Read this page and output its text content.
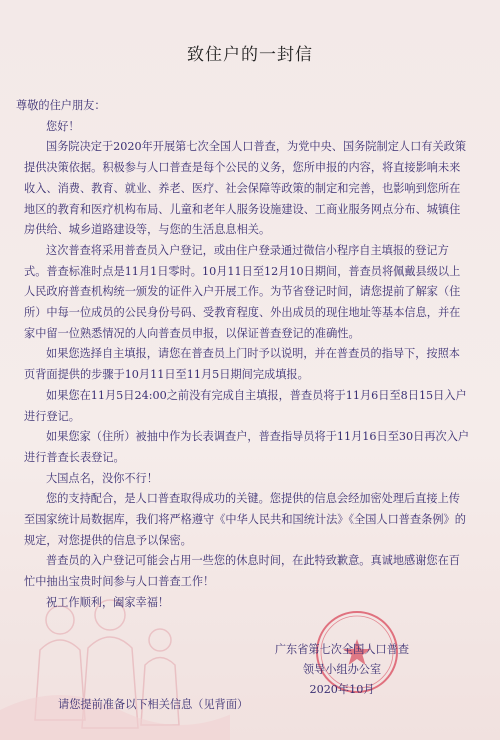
致住户的一封信

尊敬的住户朋友：

您好！

国务院决定于2020年开展第七次全国人口普查，为党中央、国务院制定人口有关政策提供决策依据。积极参与人口普查是每个公民的义务，您所申报的内容，将直接影响未来收入、消费、教育、就业、养老、医疗、社会保障等政策的制定和完善，也影响到您所在地区的教育和医疗机构布局、儿童和老年人服务设施建设、工商业服务网点分布、城镇住房供给、城乡道路建设等，与您的生活息息相关。

这次普查将采用普查员入户登记，或由住户登录通过微信小程序自主填报的登记方式。普查标准时点是11月1日零时。10月11日至12月10日期间，普查员将佩戴县级以上人民政府普查机构统一颁发的证件入户开展工作。为节省登记时间，请您提前了解家（住所）中每一位成员的公民身份号码、受教育程度、外出成员的现住地址等基本信息，并在家中留一位熟悉情况的人向普查员申报，以保证普查登记的准确性。

如果您选择自主填报，请您在普查员上门时予以说明，并在普查员的指导下，按照本页背面提供的步骤于10月11日至11月5日期间完成填报。

如果您在11月5日24:00之前没有完成自主填报，普查员将于11月6日至8日15日入户进行登记。

如果您家（住所）被抽中作为长表调查户，普查指导员将于11月16日至30日再次入户进行普查长表登记。

大国点名，没你不行！

您的支持配合，是人口普查取得成功的关键。您提供的信息会经加密处理后直接上传至国家统计局数据库，我们将严格遵守《中华人民共和国统计法》《全国人口普查条例》的规定，对您提供的信息予以保密。

普查员的入户登记可能会占用一些您的休息时间，在此特致歉意。真诚地感谢您在百忙中抽出宝贵时间参与人口普查工作！

祝工作顺利，阖家幸福！

广东省第七次全国人口普查
领导小组办公室
2020年10月
请您提前准备以下相关信息（见背面）
